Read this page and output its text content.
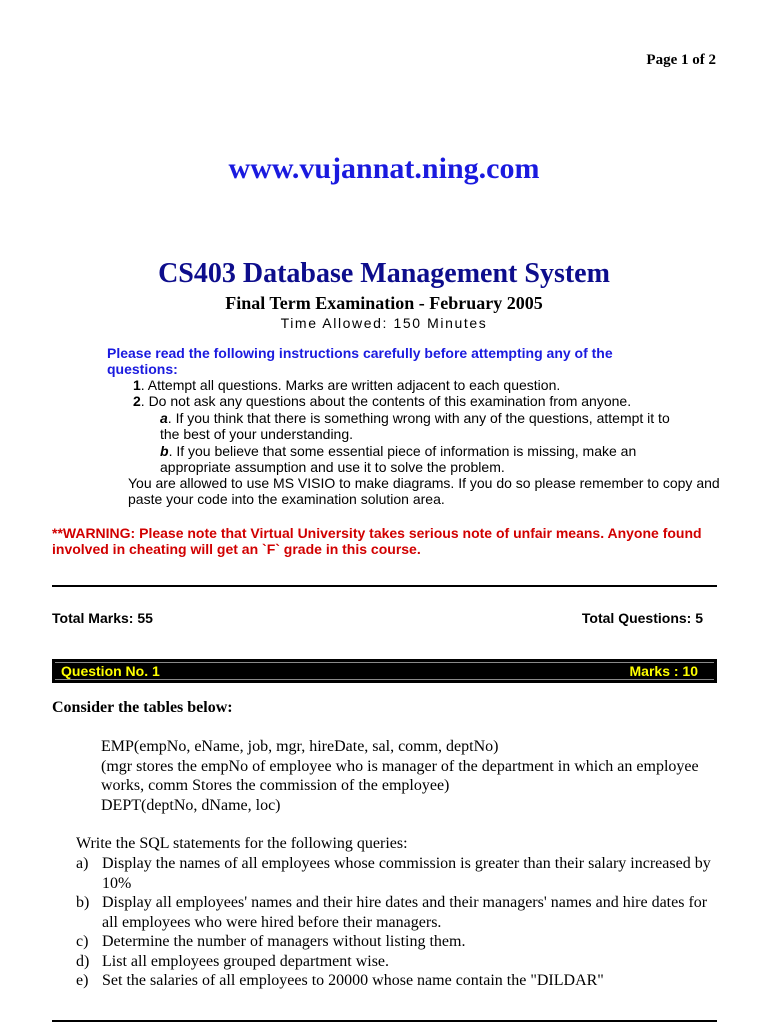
Page 1 of 2
www.vujannat.ning.com
CS403 Database Management System
Final Term Examination - February 2005
Time Allowed: 150 Minutes
Please read the following instructions carefully before attempting any of the questions:
1. Attempt all questions. Marks are written adjacent to each question.
2. Do not ask any questions about the contents of this examination from anyone.
a. If you think that there is something wrong with any of the questions, attempt it to the best of your understanding.
b. If you believe that some essential piece of information is missing, make an appropriate assumption and use it to solve the problem.
You are allowed to use MS VISIO to make diagrams. If you do so please remember to copy and paste your code into the examination solution area.
**WARNING: Please note that Virtual University takes serious note of unfair means. Anyone found involved in cheating will get an `F` grade in this course.
Total Marks: 55	Total Questions: 5
Question No. 1	Marks : 10
Consider the tables below:
EMP(empNo, eName, job, mgr, hireDate, sal, comm, deptNo)
(mgr stores the empNo of employee who is manager of the department in which an employee works, comm Stores the commission of the employee)
DEPT(deptNo, dName, loc)
Write the SQL statements for the following queries:
a) Display the names of all employees whose commission is greater than their salary increased by 10%
b) Display all employees' names and their hire dates and their managers' names and hire dates for all employees who were hired before their managers.
c) Determine the number of managers without listing them.
d) List all employees grouped department wise.
e) Set the salaries of all employees to 20000 whose name contain the "DILDAR"
